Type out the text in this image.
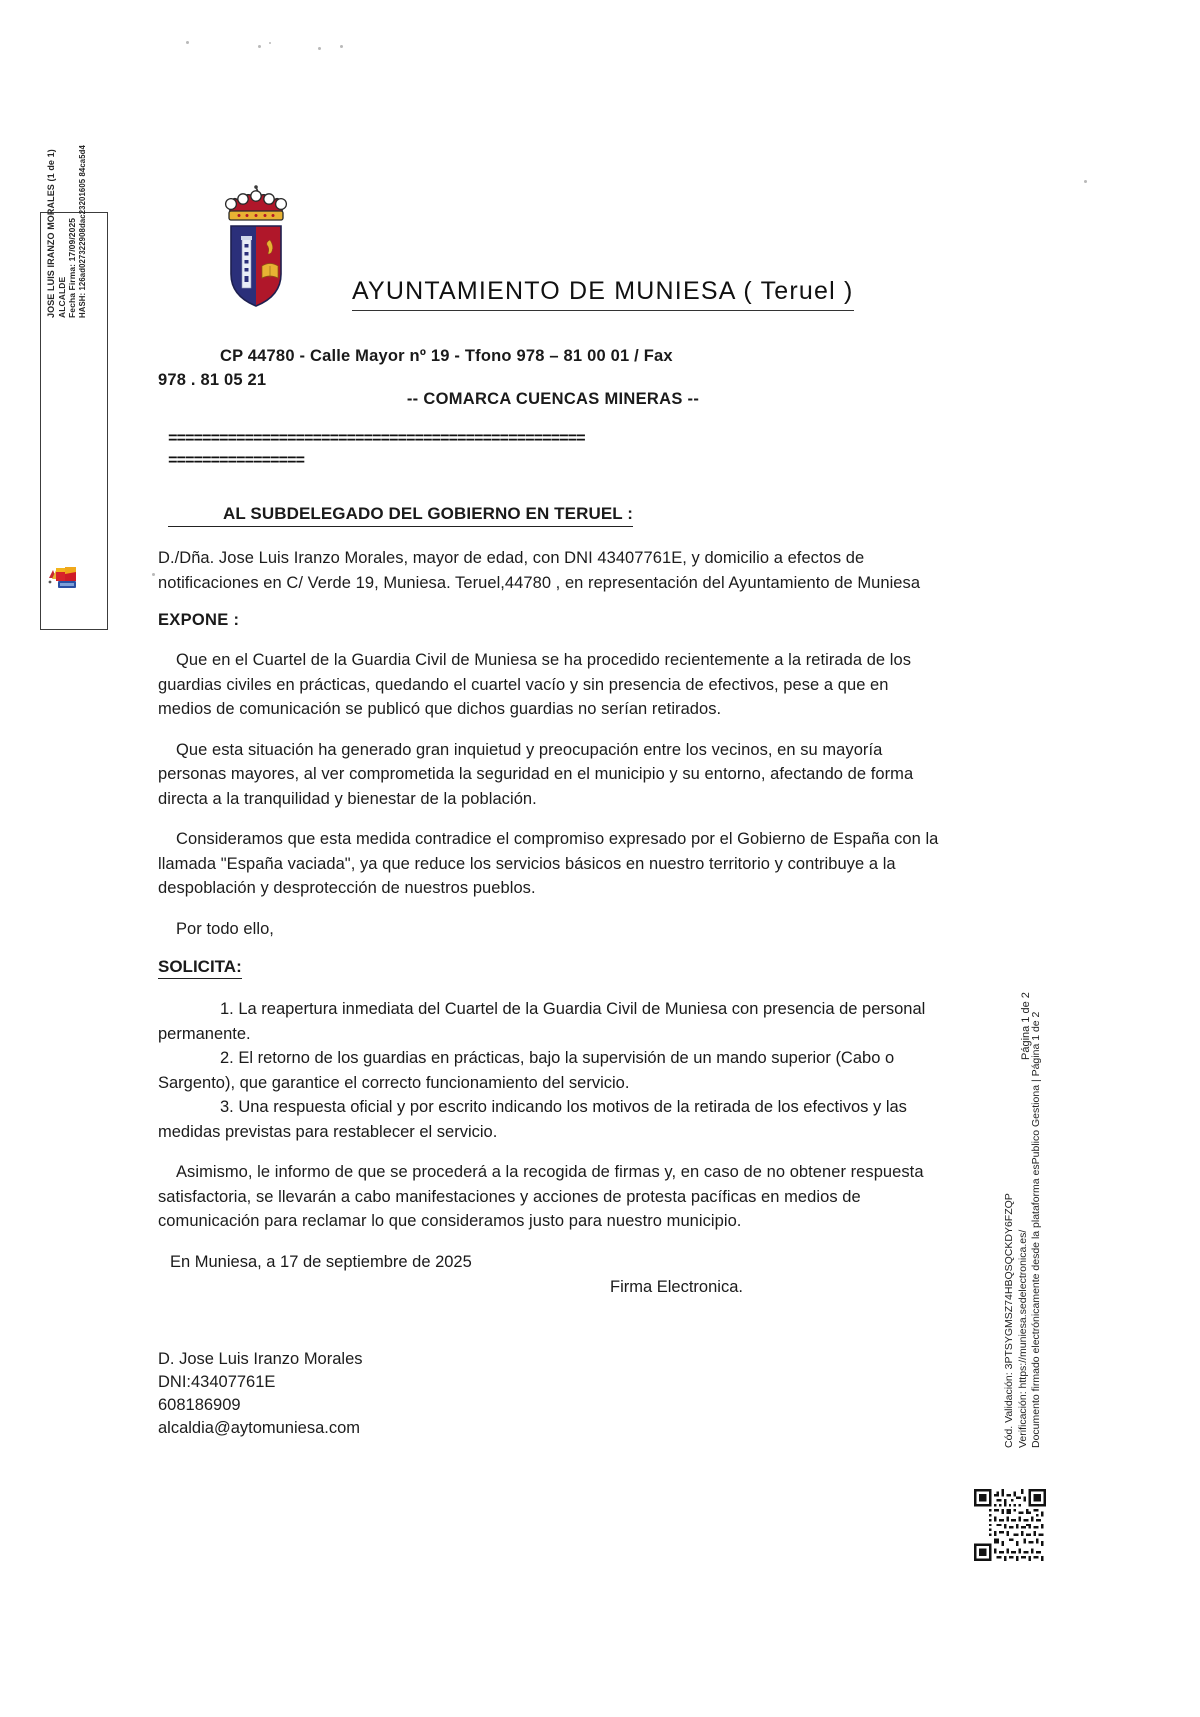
JOSE LUIS IRANZO MORALES (1 de 1) ALCALDE Fecha Firma: 17/09/2025 HASH: 126ad027322908dac23201605 84ca5d4	AYUNTAMIENTO DE MUNIESA ( Teruel )
CP 44780 - Calle Mayor nº 19 - Tfono 978 – 81 00 01 / Fax
978 . 81 05 21
-- COMARCA CUENCAS MINERAS --
=================================================
================
AL SUBDELEGADO DEL GOBIERNO EN TERUEL :

D./Dña. Jose Luis Iranzo Morales, mayor de edad, con DNI 43407761E, y domicilio a efectos de notificaciones en C/ Verde 19, Muniesa. Teruel,44780 , en representación del Ayuntamiento de Muniesa

EXPONE :

Que en el Cuartel de la Guardia Civil de Muniesa se ha procedido recientemente a la retirada de los guardias civiles en prácticas, quedando el cuartel vacío y sin presencia de efectivos, pese a que en medios de comunicación se publicó que dichos guardias no serían retirados.

Que esta situación ha generado gran inquietud y preocupación entre los vecinos, en su mayoría personas mayores, al ver comprometida la seguridad en el municipio y su entorno, afectando de forma directa a la tranquilidad y bienestar de la población.

Consideramos que esta medida contradice el compromiso expresado por el Gobierno de España con la llamada "España vaciada", ya que reduce los servicios básicos en nuestro territorio y contribuye a la despoblación y desprotección de nuestros pueblos.

Por todo ello,

SOLICITA:

1. La reapertura inmediata del Cuartel de la Guardia Civil de Muniesa con presencia de personal permanente.

2. El retorno de los guardias en prácticas, bajo la supervisión de un mando superior (Cabo o Sargento), que garantice el correcto funcionamiento del servicio.

3. Una respuesta oficial y por escrito indicando los motivos de la retirada de los efectivos y las medidas previstas para restablecer el servicio.

Asimismo, le informo de que se procederá a la recogida de firmas y, en caso de no obtener respuesta satisfactoria, se llevarán a cabo manifestaciones y acciones de protesta pacíficas en medios de comunicación para reclamar lo que consideramos justo para nuestro municipio.

En Muniesa, a 17 de septiembre de 2025

Firma Electronica.

D. Jose Luis Iranzo Morales
DNI:43407761E
608186909
alcaldia@aytomuniesa.com	Cód. Validación: 3PTSYGMSZ74HBQSQCKDY6FZQP Verificación: https://muniesa.sedelectronica.es/ Documento firmado electrónicamente desde la plataforma esPublico Gestiona | Página 1 de 2
Página 1 de 2
